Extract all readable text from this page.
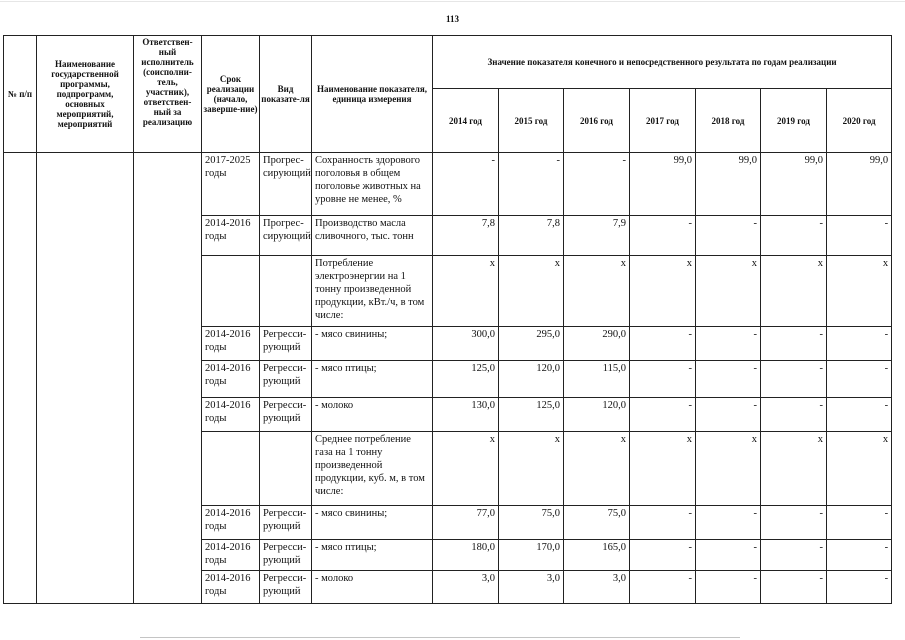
113
№ п/п	Наименование государственной программы, подпрограмм, основных мероприятий, мероприятий	Ответствен-ный исполнитель (соисполни-тель, участник), ответствен-ный за реализацию	Срок реализации (начало, заверше-ние)	Вид показате-ля	Наименование показателя, единица измерения	Значение показателя конечного и непосредственного результата по годам реализации						
						2014 год	2015 год	2016 год	2017 год	2018 год	2019 год	2020 год
			2017-2025 годы	Прогрес-сирующий	Сохранность здорового поголовья в общем поголовье животных на уровне не менее, %	-	-	-	99,0	99,0	99,0	99,0
			2014-2016 годы	Прогрес-сирующий	Производство масла сливочного, тыс. тонн	7,8	7,8	7,9	-	-	-	-
					Потребление электроэнергии на 1 тонну произведенной продукции, кВт./ч, в том числе:	x	x	x	x	x	x	x
			2014-2016 годы	Регресси-рующий	- мясо свинины;	300,0	295,0	290,0	-	-	-	-
			2014-2016 годы	Регресси-рующий	- мясо птицы;	125,0	120,0	115,0	-	-	-	-
			2014-2016 годы	Регресси-рующий	- молоко	130,0	125,0	120,0	-	-	-	-
					Среднее потребление газа на 1 тонну произведенной продукции, куб. м, в том числе:	x	x	x	x	x	x	x
			2014-2016 годы	Регресси-рующий	- мясо свинины;	77,0	75,0	75,0	-	-	-	-
			2014-2016 годы	Регресси-рующий	- мясо птицы;	180,0	170,0	165,0	-	-	-	-
			2014-2016 годы	Регресси-рующий	- молоко	3,0	3,0	3,0	-	-	-	-
